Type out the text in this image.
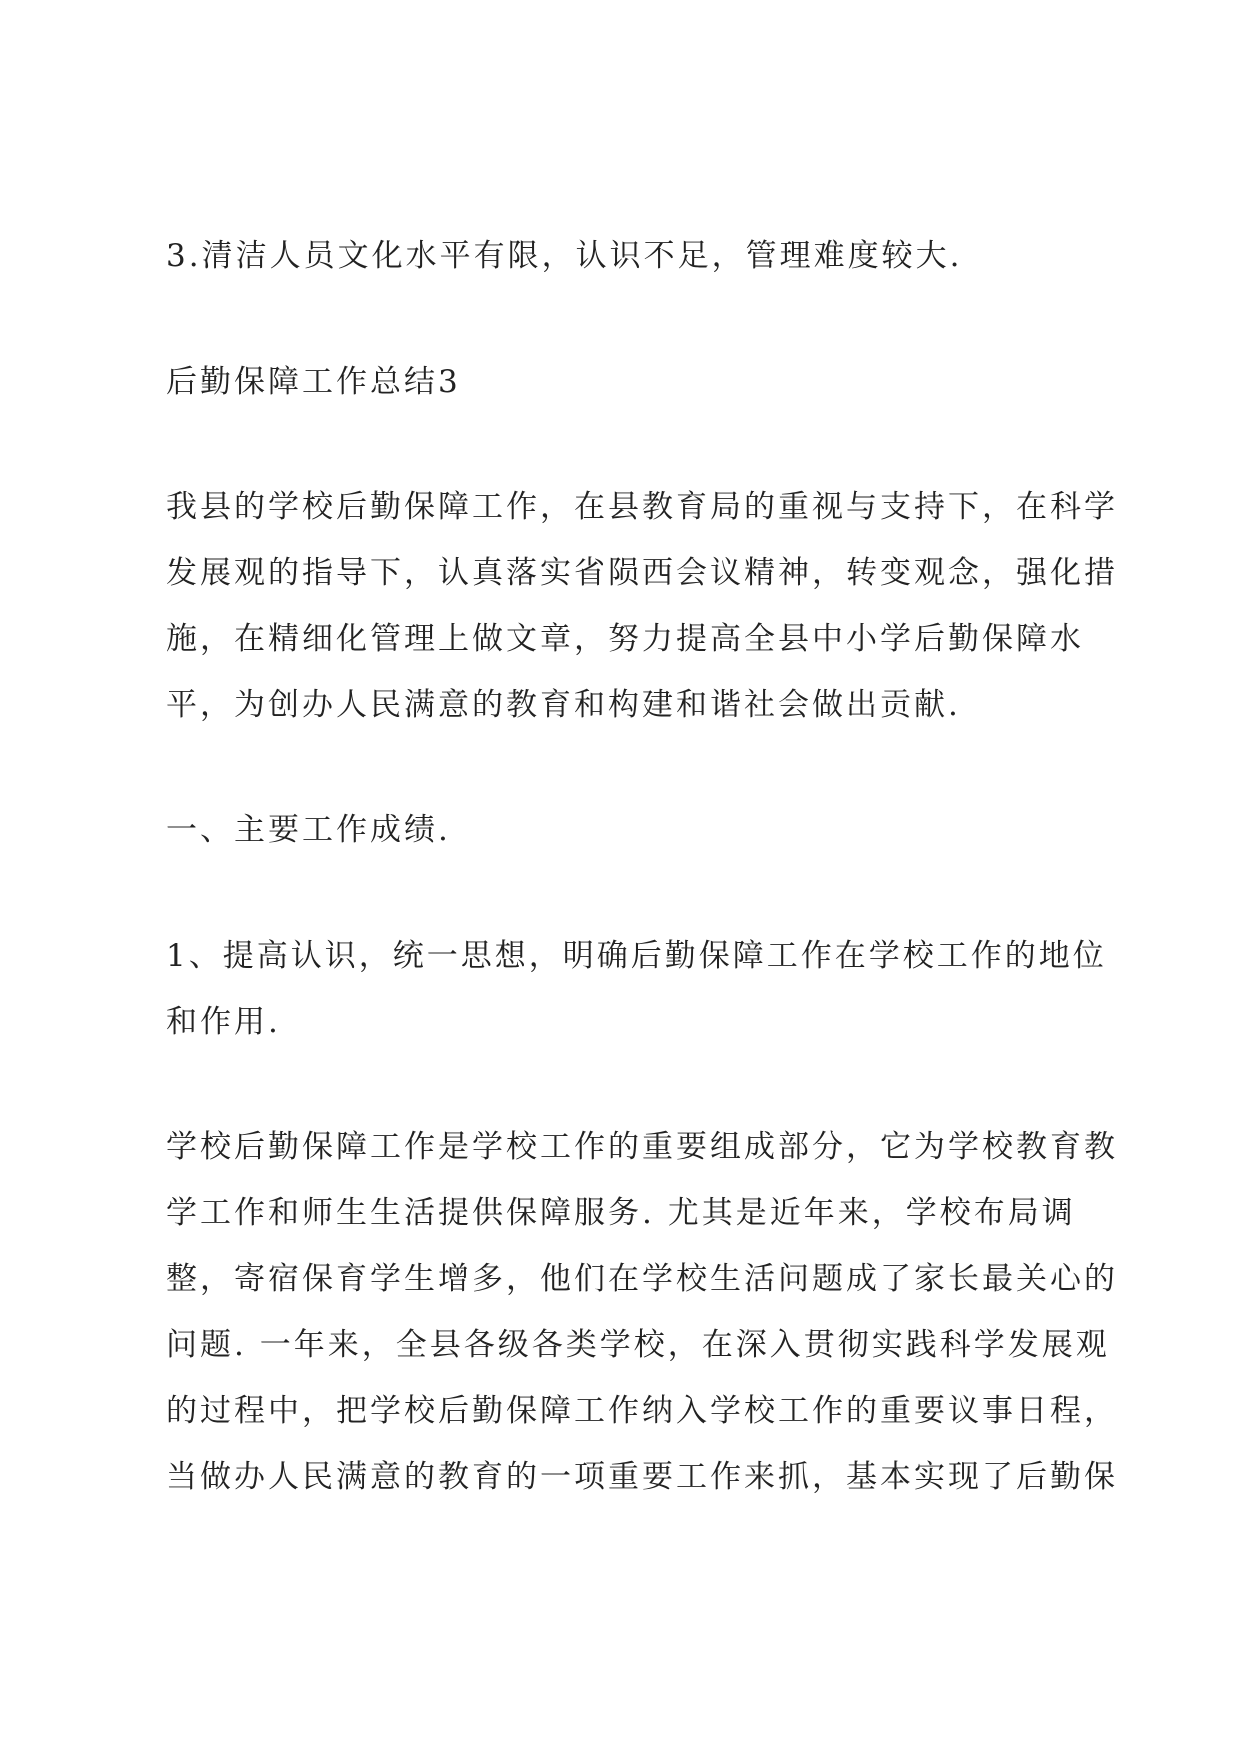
3.清洁人员文化水平有限，认识不足，管理难度较大.

后勤保障工作总结3

我县的学校后勤保障工作，在县教育局的重视与支持下，在科学

发展观的指导下，认真落实省陨西会议精神，转变观念，强化措

施，在精细化管理上做文章，努力提高全县中小学后勤保障水

平，为创办人民满意的教育和构建和谐社会做出贡献.

一、主要工作成绩.

1、提高认识，统一思想，明确后勤保障工作在学校工作的地位

和作用.

学校后勤保障工作是学校工作的重要组成部分，它为学校教育教

学工作和师生生活提供保障服务. 尤其是近年来，学校布局调

整，寄宿保育学生增多，他们在学校生活问题成了家长最关心的

问题. 一年来，全县各级各类学校，在深入贯彻实践科学发展观

的过程中，把学校后勤保障工作纳入学校工作的重要议事日程，

当做办人民满意的教育的一项重要工作来抓，基本实现了后勤保
